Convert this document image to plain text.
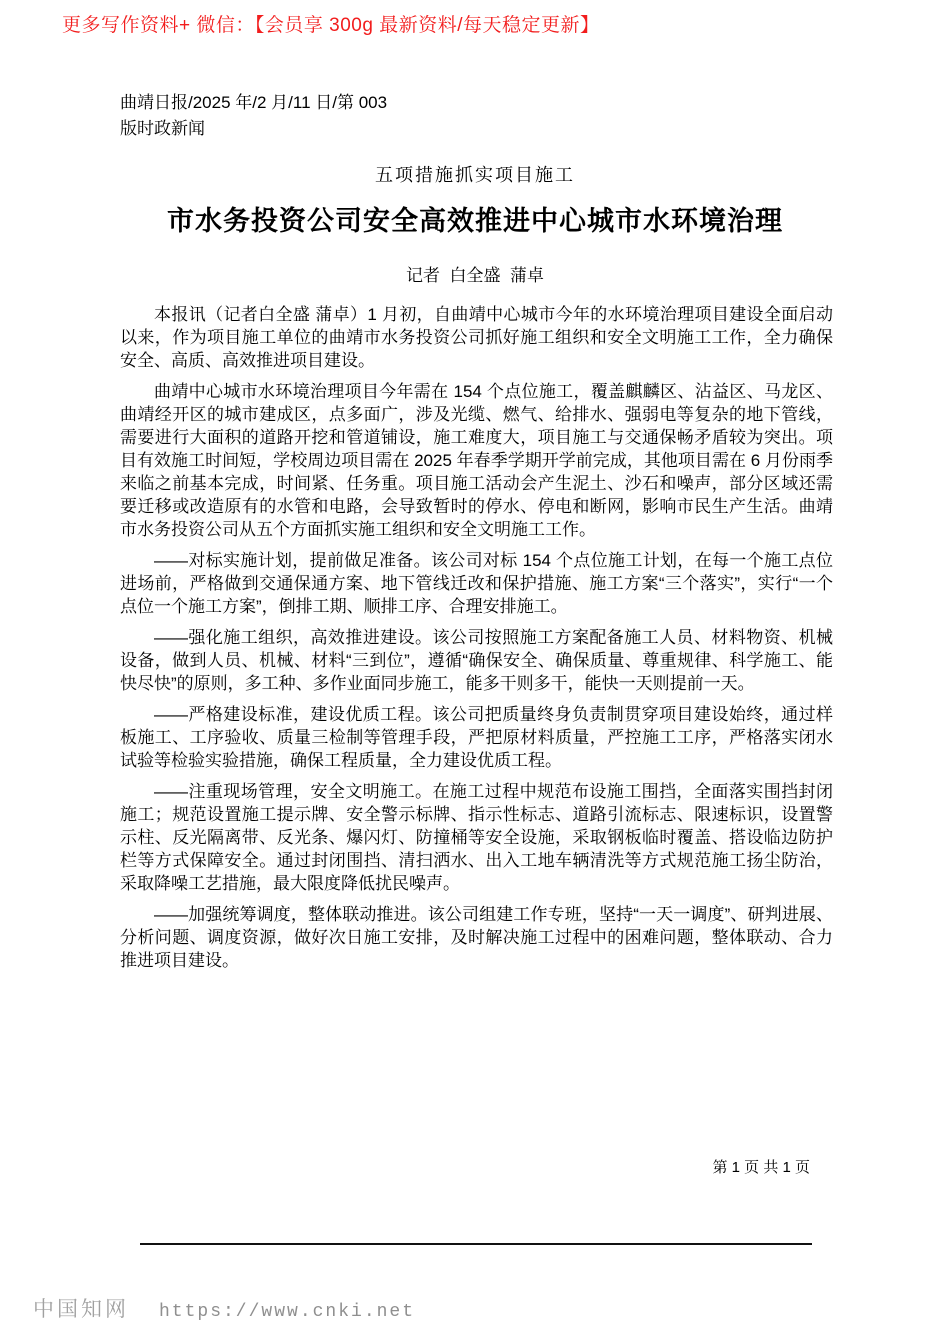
更多写作资料+ 微信：【会员享 300g 最新资料/每天稳定更新】
曲靖日报/2025 年/2 月/11 日/第 003
版时政新闻
五项措施抓实项目施工
市水务投资公司安全高效推进中心城市水环境治理
记者  白全盛  蒲卓

本报讯（记者白全盛 蒲卓）1 月初，自曲靖中心城市今年的水环境治理项目建设全面启动以来，作为项目施工单位的曲靖市水务投资公司抓好施工组织和安全文明施工工作，全力确保安全、高质、高效推进项目建设。

曲靖中心城市水环境治理项目今年需在 154 个点位施工，覆盖麒麟区、沾益区、马龙区、曲靖经开区的城市建成区，点多面广，涉及光缆、燃气、给排水、强弱电等复杂的地下管线，需要进行大面积的道路开挖和管道铺设，施工难度大，项目施工与交通保畅矛盾较为突出。项目有效施工时间短，学校周边项目需在 2025 年春季学期开学前完成，其他项目需在 6 月份雨季来临之前基本完成，时间紧、任务重。项目施工活动会产生泥土、沙石和噪声，部分区域还需要迁移或改造原有的水管和电路，会导致暂时的停水、停电和断网，影响市民生产生活。曲靖市水务投资公司从五个方面抓实施工组织和安全文明施工工作。

——对标实施计划，提前做足准备。该公司对标 154 个点位施工计划，在每一个施工点位进场前，严格做到交通保通方案、地下管线迁改和保护措施、施工方案“三个落实”，实行“一个点位一个施工方案”，倒排工期、顺排工序、合理安排施工。

——强化施工组织，高效推进建设。该公司按照施工方案配备施工人员、材料物资、机械设备，做到人员、机械、材料“三到位”，遵循“确保安全、确保质量、尊重规律、科学施工、能快尽快”的原则，多工种、多作业面同步施工，能多干则多干，能快一天则提前一天。

——严格建设标准，建设优质工程。该公司把质量终身负责制贯穿项目建设始终，通过样板施工、工序验收、质量三检制等管理手段，严把原材料质量，严控施工工序，严格落实闭水试验等检验实验措施，确保工程质量，全力建设优质工程。

——注重现场管理，安全文明施工。在施工过程中规范布设施工围挡，全面落实围挡封闭施工；规范设置施工提示牌、安全警示标牌、指示性标志、道路引流标志、限速标识，设置警示柱、反光隔离带、反光条、爆闪灯、防撞桶等安全设施，采取钢板临时覆盖、搭设临边防护栏等方式保障安全。通过封闭围挡、清扫洒水、出入工地车辆清洗等方式规范施工扬尘防治，采取降噪工艺措施，最大限度降低扰民噪声。

——加强统筹调度，整体联动推进。该公司组建工作专班，坚持“一天一调度”、研判进展、分析问题、调度资源，做好次日施工安排，及时解决施工过程中的困难问题，整体联动、合力推进项目建设。

第 1 页 共 1 页
中国知网 https://www.cnki.net
